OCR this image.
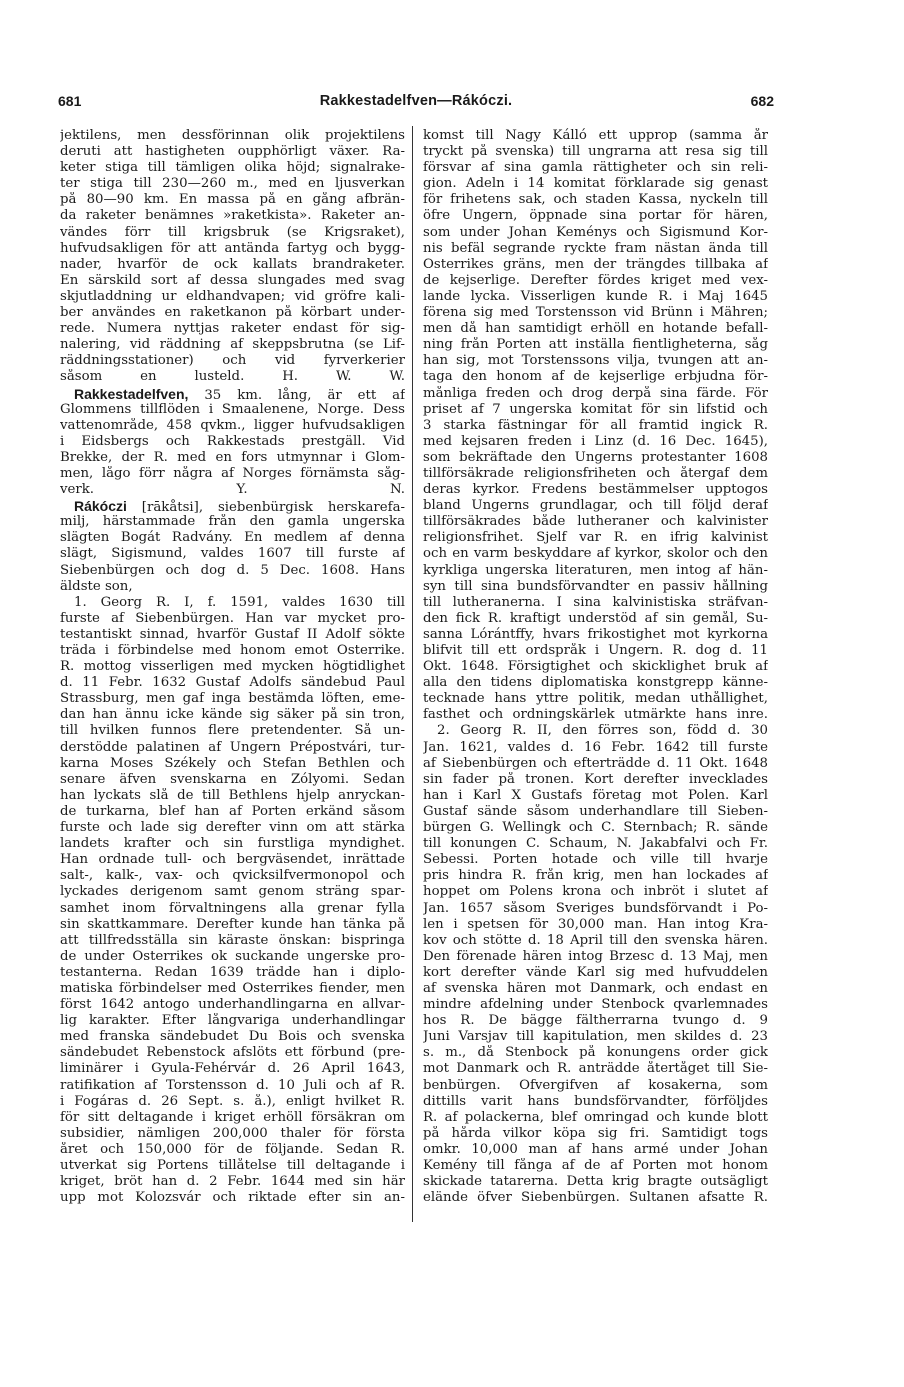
681	Rakkestadelfven—Rákóczi.	682
jektilens, men dessförinnan olik projektilens
deruti att hastigheten oupphörligt växer. Ra-
keter stiga till tämligen olika höjd; signalrake-
ter stiga till 230—260 m., med en ljusverkan
på 80—90 km. En massa på en gång afbrän-
da raketer benämnes »raketkista». Raketer an-
vändes förr till krigsbruk (se Krigsraket),
hufvudsakligen för att antända fartyg och bygg-
nader, hvarför de ock kallats brandraketer.
En särskild sort af dessa slungades med svag
skjutladdning ur eldhandvapen; vid gröfre kali-
ber användes en raketkanon på körbart under-
rede. Numera nyttjas raketer endast för sig-
nalering, vid räddning af skeppsbrutna (se Lif-
räddningsstationer) och vid fyrverkerier
såsom en lusteld. H. W. W.
Rakkestadelfven, 35 km. lång, är ett af
Glommens tillflöden i Smaalenene, Norge. Dess
vattenområde, 458 qvkm., ligger hufvudsakligen
i Eidsbergs och Rakkestads prestgäll. Vid
Brekke, der R. med en fors utmynnar i Glom-
men, lågo förr några af Norges förnämsta såg-
verk. Y. N.
Rákóczi [rākåtsi], siebenbürgisk herskarefa-
milj, härstammade från den gamla ungerska
slägten Bogát Radvány. En medlem af denna
slägt, Sigismund, valdes 1607 till furste af
Siebenbürgen och dog d. 5 Dec. 1608. Hans
äldste son,
1. Georg R. I, f. 1591, valdes 1630 till
furste af Siebenbürgen. Han var mycket pro-
testantiskt sinnad, hvarför Gustaf II Adolf sökte
träda i förbindelse med honom emot Österrike.
R. mottog visserligen med mycken högtidlighet
d. 11 Febr. 1632 Gustaf Adolfs sändebud Paul
Strassburg, men gaf inga bestämda löften, eme-
dan han ännu icke kände sig säker på sin tron,
till hvilken funnos flere pretendenter. Så un-
derstödde palatinen af Ungern Prépostvári, tur-
karna Moses Székely och Stefan Bethlen och
senare äfven svenskarna en Zólyomi. Sedan
han lyckats slå de till Bethlens hjelp anryckan-
de turkarna, blef han af Porten erkänd såsom
furste och lade sig derefter vinn om att stärka
landets krafter och sin furstliga myndighet.
Han ordnade tull- och bergväsendet, inrättade
salt-, kalk-, vax- och qvicksilfvermonopol och
lyckades derigenom samt genom sträng spar-
samhet inom förvaltningens alla grenar fylla
sin skattkammare. Derefter kunde han tänka på
att tillfredsställa sin käraste önskan: bispringa
de under Österrikes ok suckande ungerske pro-
testanterna. Redan 1639 trädde han i diplo-
matiska förbindelser med Österrikes fiender, men
först 1642 antogo underhandlingarna en allvar-
lig karakter. Efter långvariga underhandlingar
med franska sändebudet Du Bois och svenska
sändebudet Rebenstock afslöts ett förbund (pre-
liminärer i Gyula-Fehérvár d. 26 April 1643,
ratifikation af Torstensson d. 10 Juli och af R.
i Fogáras d. 26 Sept. s. å.), enligt hvilket R.
för sitt deltagande i kriget erhöll försäkran om
subsidier, nämligen 200,000 thaler för första
året och 150,000 för de följande. Sedan R.
utverkat sig Portens tillåtelse till deltagande i
kriget, bröt han d. 2 Febr. 1644 med sin här
upp mot Kolozsvár och riktade efter sin an-
komst till Nagy Kálló ett upprop (samma år
tryckt på svenska) till ungrarna att resa sig till
försvar af sina gamla rättigheter och sin reli-
gion. Adeln i 14 komitat förklarade sig genast
för frihetens sak, och staden Kassa, nyckeln till
öfre Ungern, öppnade sina portar för hären,
som under Johan Keménys och Sigismund Kor-
nis befäl segrande ryckte fram nästan ända till
Österrikes gräns, men der trängdes tillbaka af
de kejserlige. Derefter fördes kriget med vex-
lande lycka. Visserligen kunde R. i Maj 1645
förena sig med Torstensson vid Brünn i Mähren;
men då han samtidigt erhöll en hotande befall-
ning från Porten att inställa fientligheterna, såg
han sig, mot Torstenssons vilja, tvungen att an-
taga den honom af de kejserlige erbjudna för-
månliga freden och drog derpå sina färde. För
priset af 7 ungerska komitat för sin lifstid och
3 starka fästningar för all framtid ingick R.
med kejsaren freden i Linz (d. 16 Dec. 1645),
som bekräftade den Ungerns protestanter 1608
tillförsäkrade religionsfriheten och återgaf dem
deras kyrkor. Fredens bestämmelser upptogos
bland Ungerns grundlagar, och till följd deraf
tillförsäkrades både lutheraner och kalvinister
religionsfrihet. Sjelf var R. en ifrig kalvinist
och en varm beskyddare af kyrkor, skolor och den
kyrkliga ungerska literaturen, men intog af hän-
syn till sina bundsförvandter en passiv hållning
till lutheranerna. I sina kalvinistiska sträfvan-
den fick R. kraftigt understöd af sin gemål, Su-
sanna Lórántffy, hvars frikostighet mot kyrkorna
blifvit till ett ordspråk i Ungern. R. dog d. 11
Okt. 1648. Försigtighet och skicklighet bruk af
alla den tidens diplomatiska konstgrepp känne-
tecknade hans yttre politik, medan uthållighet,
fasthet och ordningskärlek utmärkte hans inre.
2. Georg R. II, den förres son, född d. 30
Jan. 1621, valdes d. 16 Febr. 1642 till furste
af Siebenbürgen och efterträdde d. 11 Okt. 1648
sin fader på tronen. Kort derefter invecklades
han i Karl X Gustafs företag mot Polen. Karl
Gustaf sände såsom underhandlare till Sieben-
bürgen G. Wellingk och C. Sternbach; R. sände
till konungen C. Schaum, N. Jakabfalvi och Fr.
Sebessi. Porten hotade och ville till hvarje
pris hindra R. från krig, men han lockades af
hoppet om Polens krona och inbröt i slutet af
Jan. 1657 såsom Sveriges bundsförvandt i Po-
len i spetsen för 30,000 man. Han intog Kra-
kov och stötte d. 18 April till den svenska hären.
Den förenade hären intog Brzesc d. 13 Maj, men
kort derefter vände Karl sig med hufvuddelen
af svenska hären mot Danmark, och endast en
mindre afdelning under Stenbock qvarlemnades
hos R. De bägge fältherrarna tvungo d. 9
Juni Varsjav till kapitulation, men skildes d. 23
s. m., då Stenbock på konungens order gick
mot Danmark och R. anträdde återtåget till Sie-
benbürgen. Öfvergifven af kosakerna, som
dittills varit hans bundsförvandter, förföljdes
R. af polackerna, blef omringad och kunde blott
på hårda vilkor köpa sig fri. Samtidigt togs
omkr. 10,000 man af hans armé under Johan
Kemény till fånga af de af Porten mot honom
skickade tatarerna. Detta krig bragte outsägligt
elände öfver Siebenbürgen. Sultanen afsatte R.
